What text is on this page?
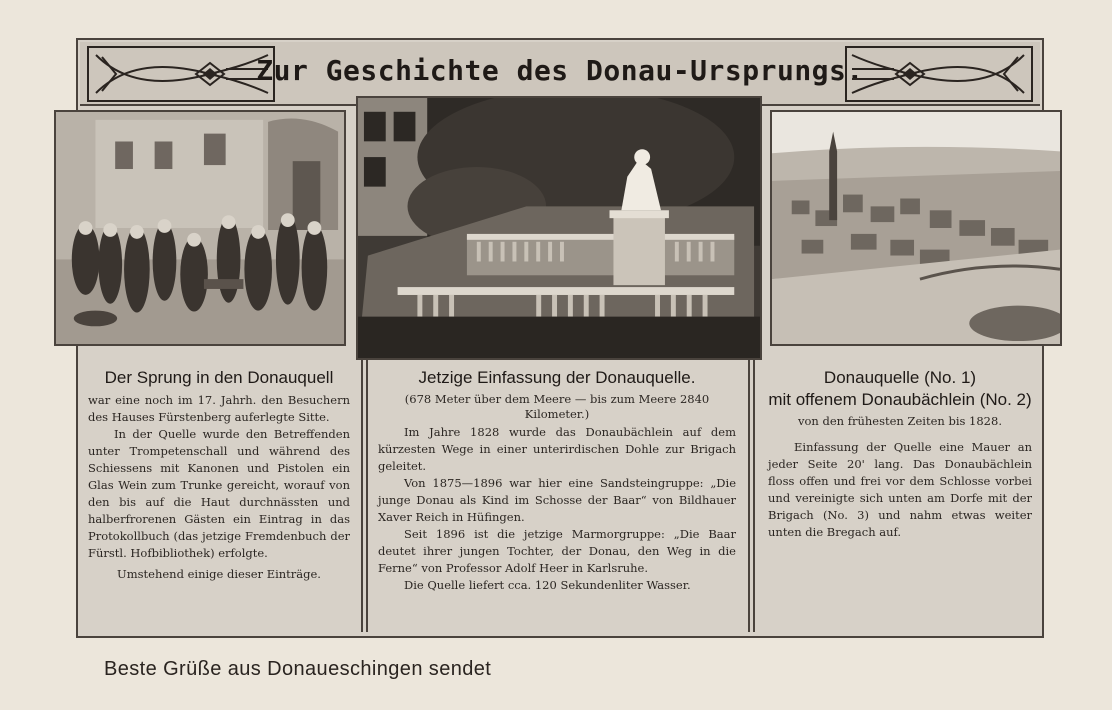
Zur Geschichte des Donau-Ursprungs.
Der Sprung in den Donauquell

war eine noch im 17. Jahrh. den Besuchern des Hauses Fürstenberg auferlegte Sitte.

In der Quelle wurde den Betreffenden unter Trompetenschall und während des Schiessens mit Kanonen und Pistolen ein Glas Wein zum Trunke gereicht, worauf von den bis auf die Haut durchnässten und halberfrorenen Gästen ein Eintrag in das Protokollbuch (das jetzige Fremdenbuch der Fürstl. Hofbibliothek) erfolgte.

Umstehend einige dieser Einträge.

Jetzige Einfassung der Donauquelle.

(678 Meter über dem Meere — bis zum Meere 2840 Kilometer.)

Im Jahre 1828 wurde das Donaubächlein auf dem kürzesten Wege in einer unterirdischen Dohle zur Brigach geleitet.

Von 1875—1896 war hier eine Sandsteingruppe: „Die junge Donau als Kind im Schosse der Baar“ von Bildhauer Xaver Reich in Hüfingen.

Seit 1896 ist die jetzige Marmorgruppe: „Die Baar deutet ihrer jungen Tochter, der Donau, den Weg in die Ferne“ von Professor Adolf Heer in Karlsruhe.

Die Quelle liefert cca. 120 Sekundenliter Wasser.

Donauquelle (No. 1)
mit offenem Donaubächlein (No. 2)

von den frühesten Zeiten bis 1828.

Einfassung der Quelle eine Mauer an jeder Seite 20' lang. Das Donaubächlein floss offen und frei vor dem Schlosse vorbei und vereinigte sich unten am Dorfe mit der Brigach (No. 3) und nahm etwas weiter unten die Bregach auf.

Beste Grüße aus Donaueschingen sendet
